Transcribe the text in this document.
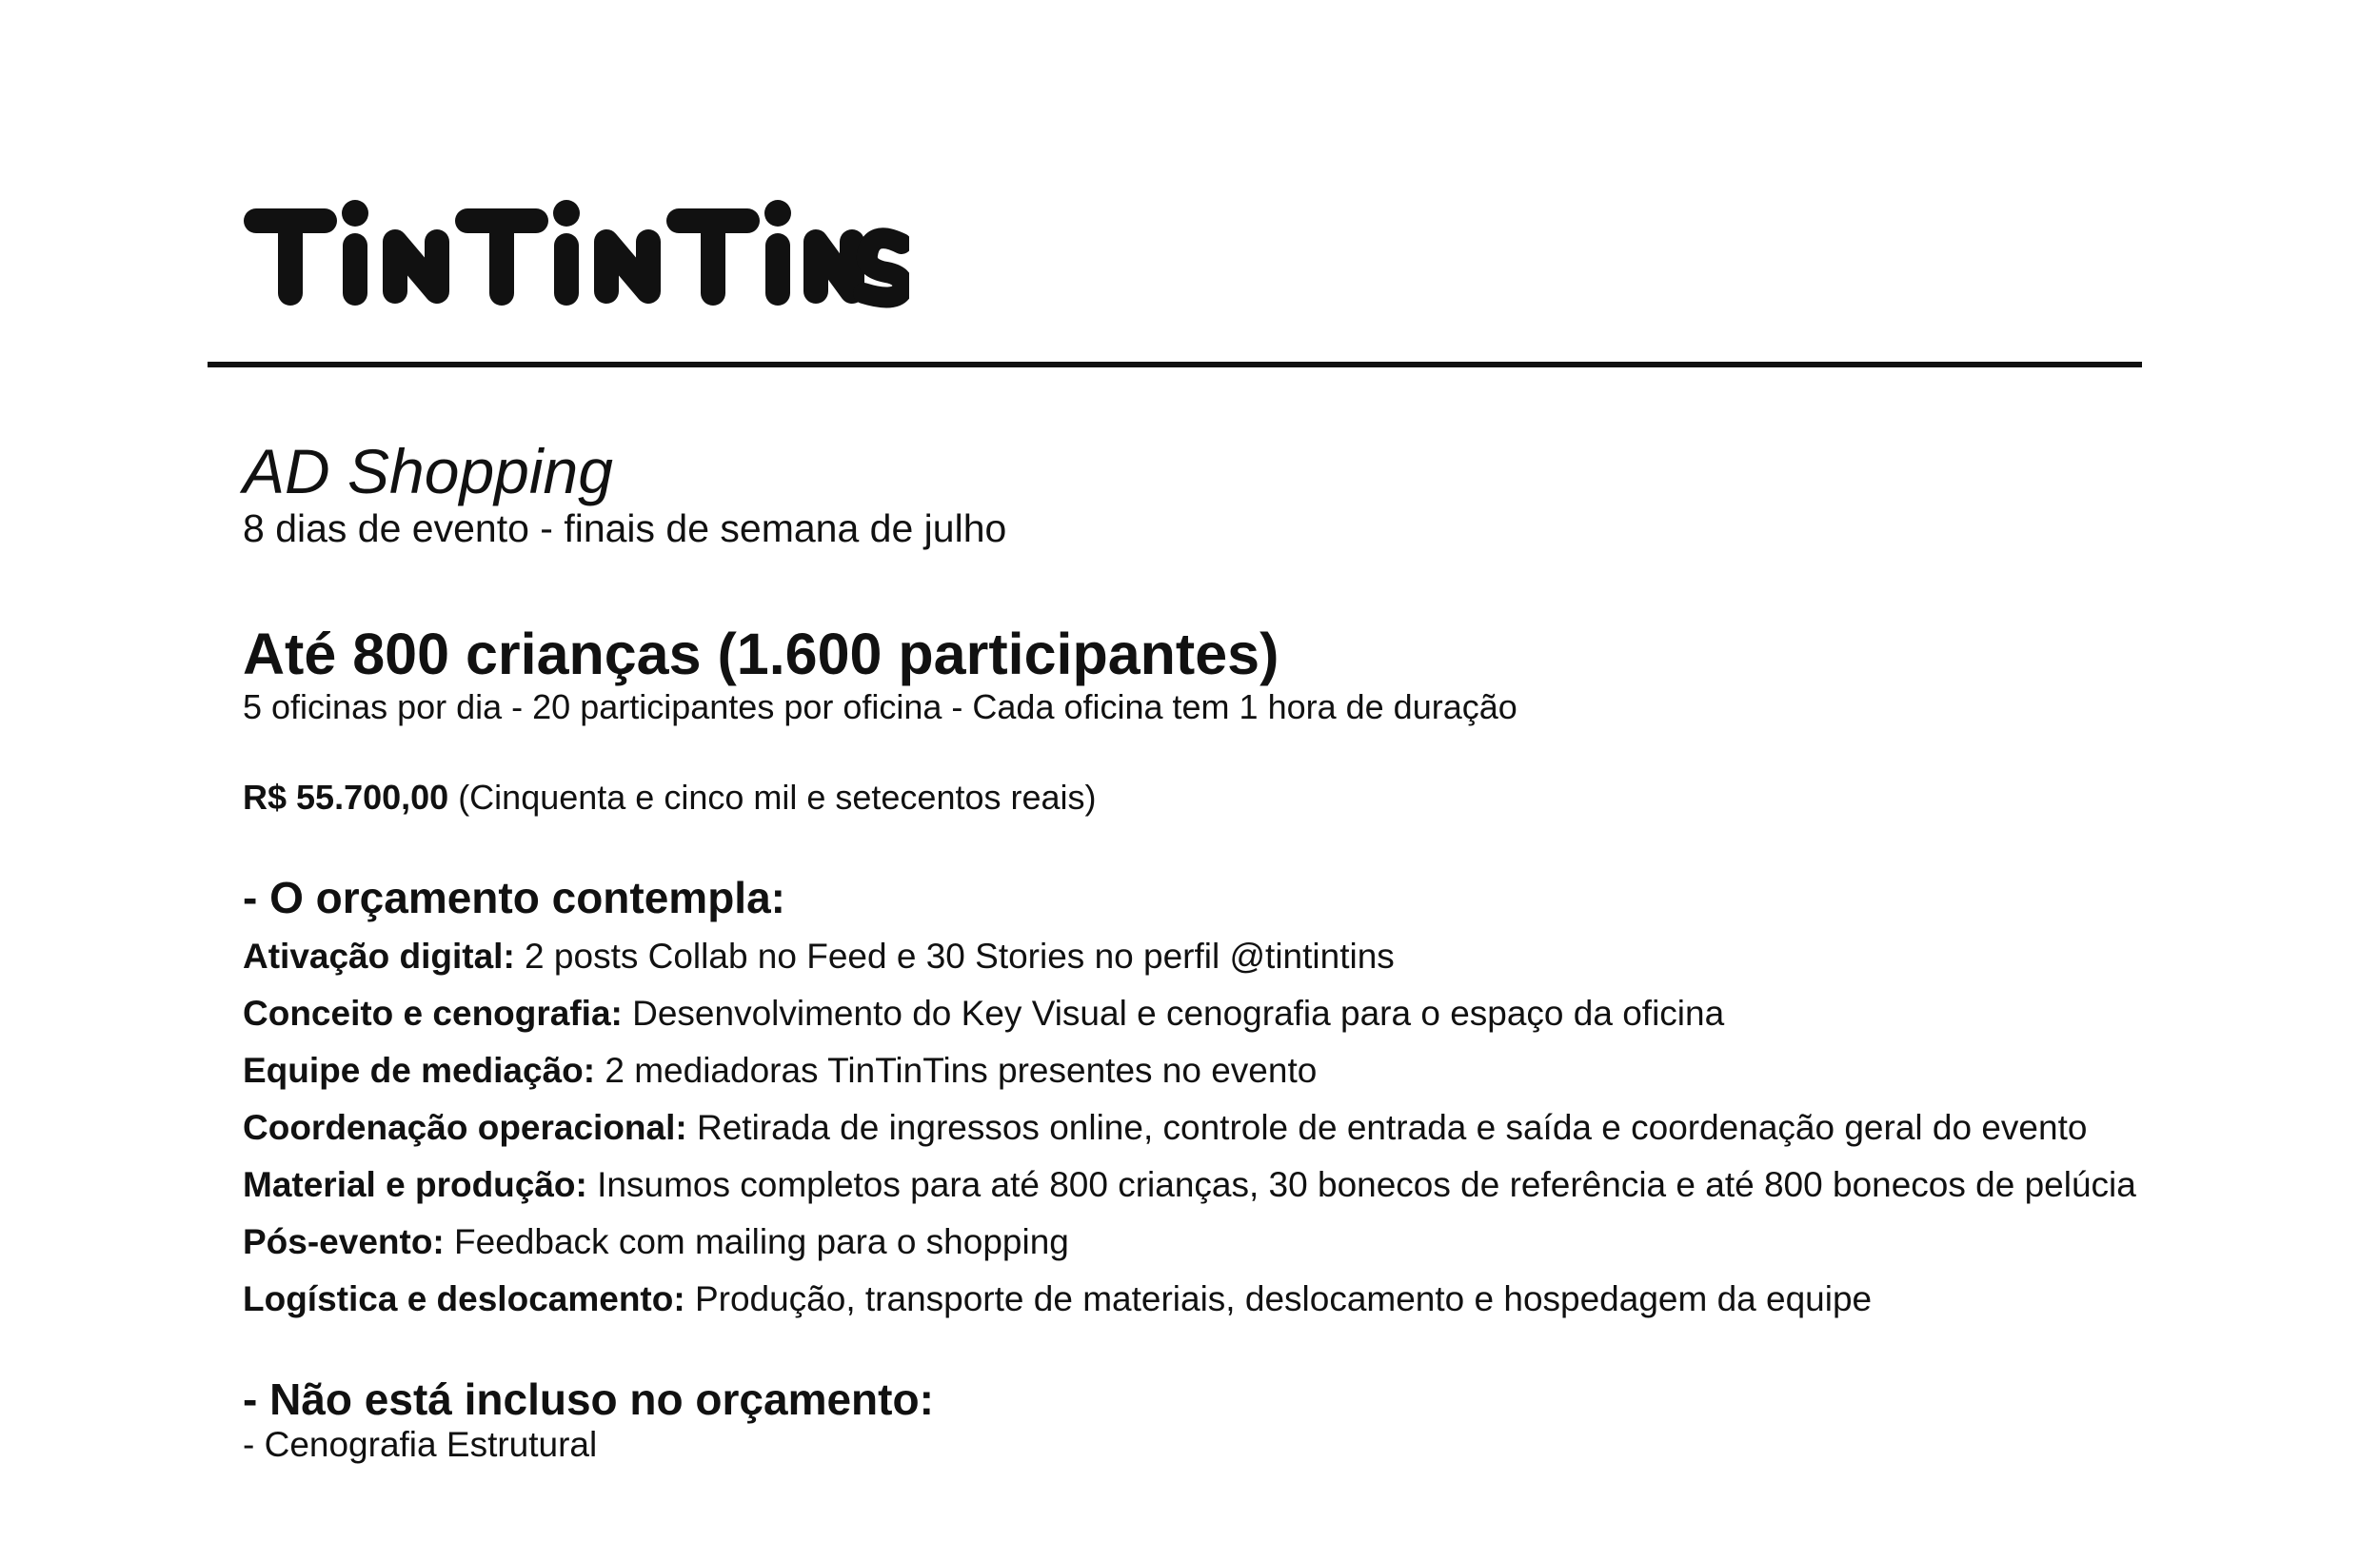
AD Shopping
8 dias de evento - finais de semana de julho
Até 800 crianças (1.600 participantes)
5 oficinas por dia - 20 participantes por oficina - Cada oficina tem 1 hora de duração
R$ 55.700,00 (Cinquenta e cinco mil e setecentos reais)
- O orçamento contempla:
Ativação digital: 2 posts Collab no Feed e 30 Stories no perfil @tintintins
Conceito e cenografia: Desenvolvimento do Key Visual e cenografia para o espaço da oficina
Equipe de mediação: 2 mediadoras TinTinTins presentes no evento
Coordenação operacional: Retirada de ingressos online, controle de entrada e saída e coordenação geral do evento
Material e produção: Insumos completos para até 800 crianças, 30 bonecos de referência e até 800 bonecos de pelúcia
Pós-evento: Feedback com mailing para o shopping
Logística e deslocamento: Produção, transporte de materiais, deslocamento e hospedagem da equipe
- Não está incluso no orçamento:
- Cenografia Estrutural
